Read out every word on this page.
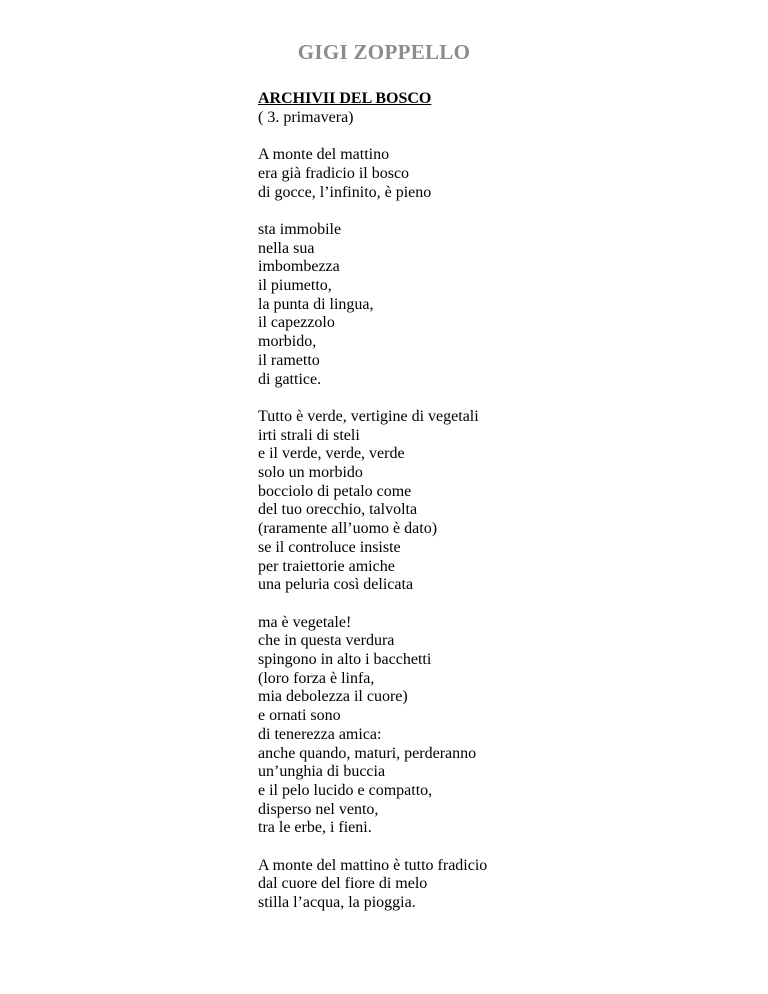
GIGI ZOPPELLO
ARCHIVII DEL BOSCO
( 3. primavera)
A monte del mattino
era già fradicio il bosco
di gocce, l’infinito, è pieno
sta immobile
nella sua
imbombezza
il piumetto,
la punta di lingua,
il capezzolo
morbido,
il rametto
di gattice.
Tutto è verde, vertigine di vegetali
irti strali di steli
e il verde, verde, verde
solo un morbido
bocciolo di petalo come
del tuo orecchio, talvolta
(raramente all’uomo è dato)
se il controluce insiste
per traiettorie amiche
una peluria così delicata
ma è vegetale!
che in questa verdura
spingono in alto i bacchetti
(loro forza è linfa,
mia debolezza il cuore)
e ornati sono
di tenerezza amica:
anche quando, maturi, perderanno
un’unghia di buccia
e il pelo lucido e compatto,
disperso nel vento,
tra le erbe, i fieni.
A monte del mattino è tutto fradicio
dal cuore del fiore di melo
stilla l’acqua, la pioggia.
